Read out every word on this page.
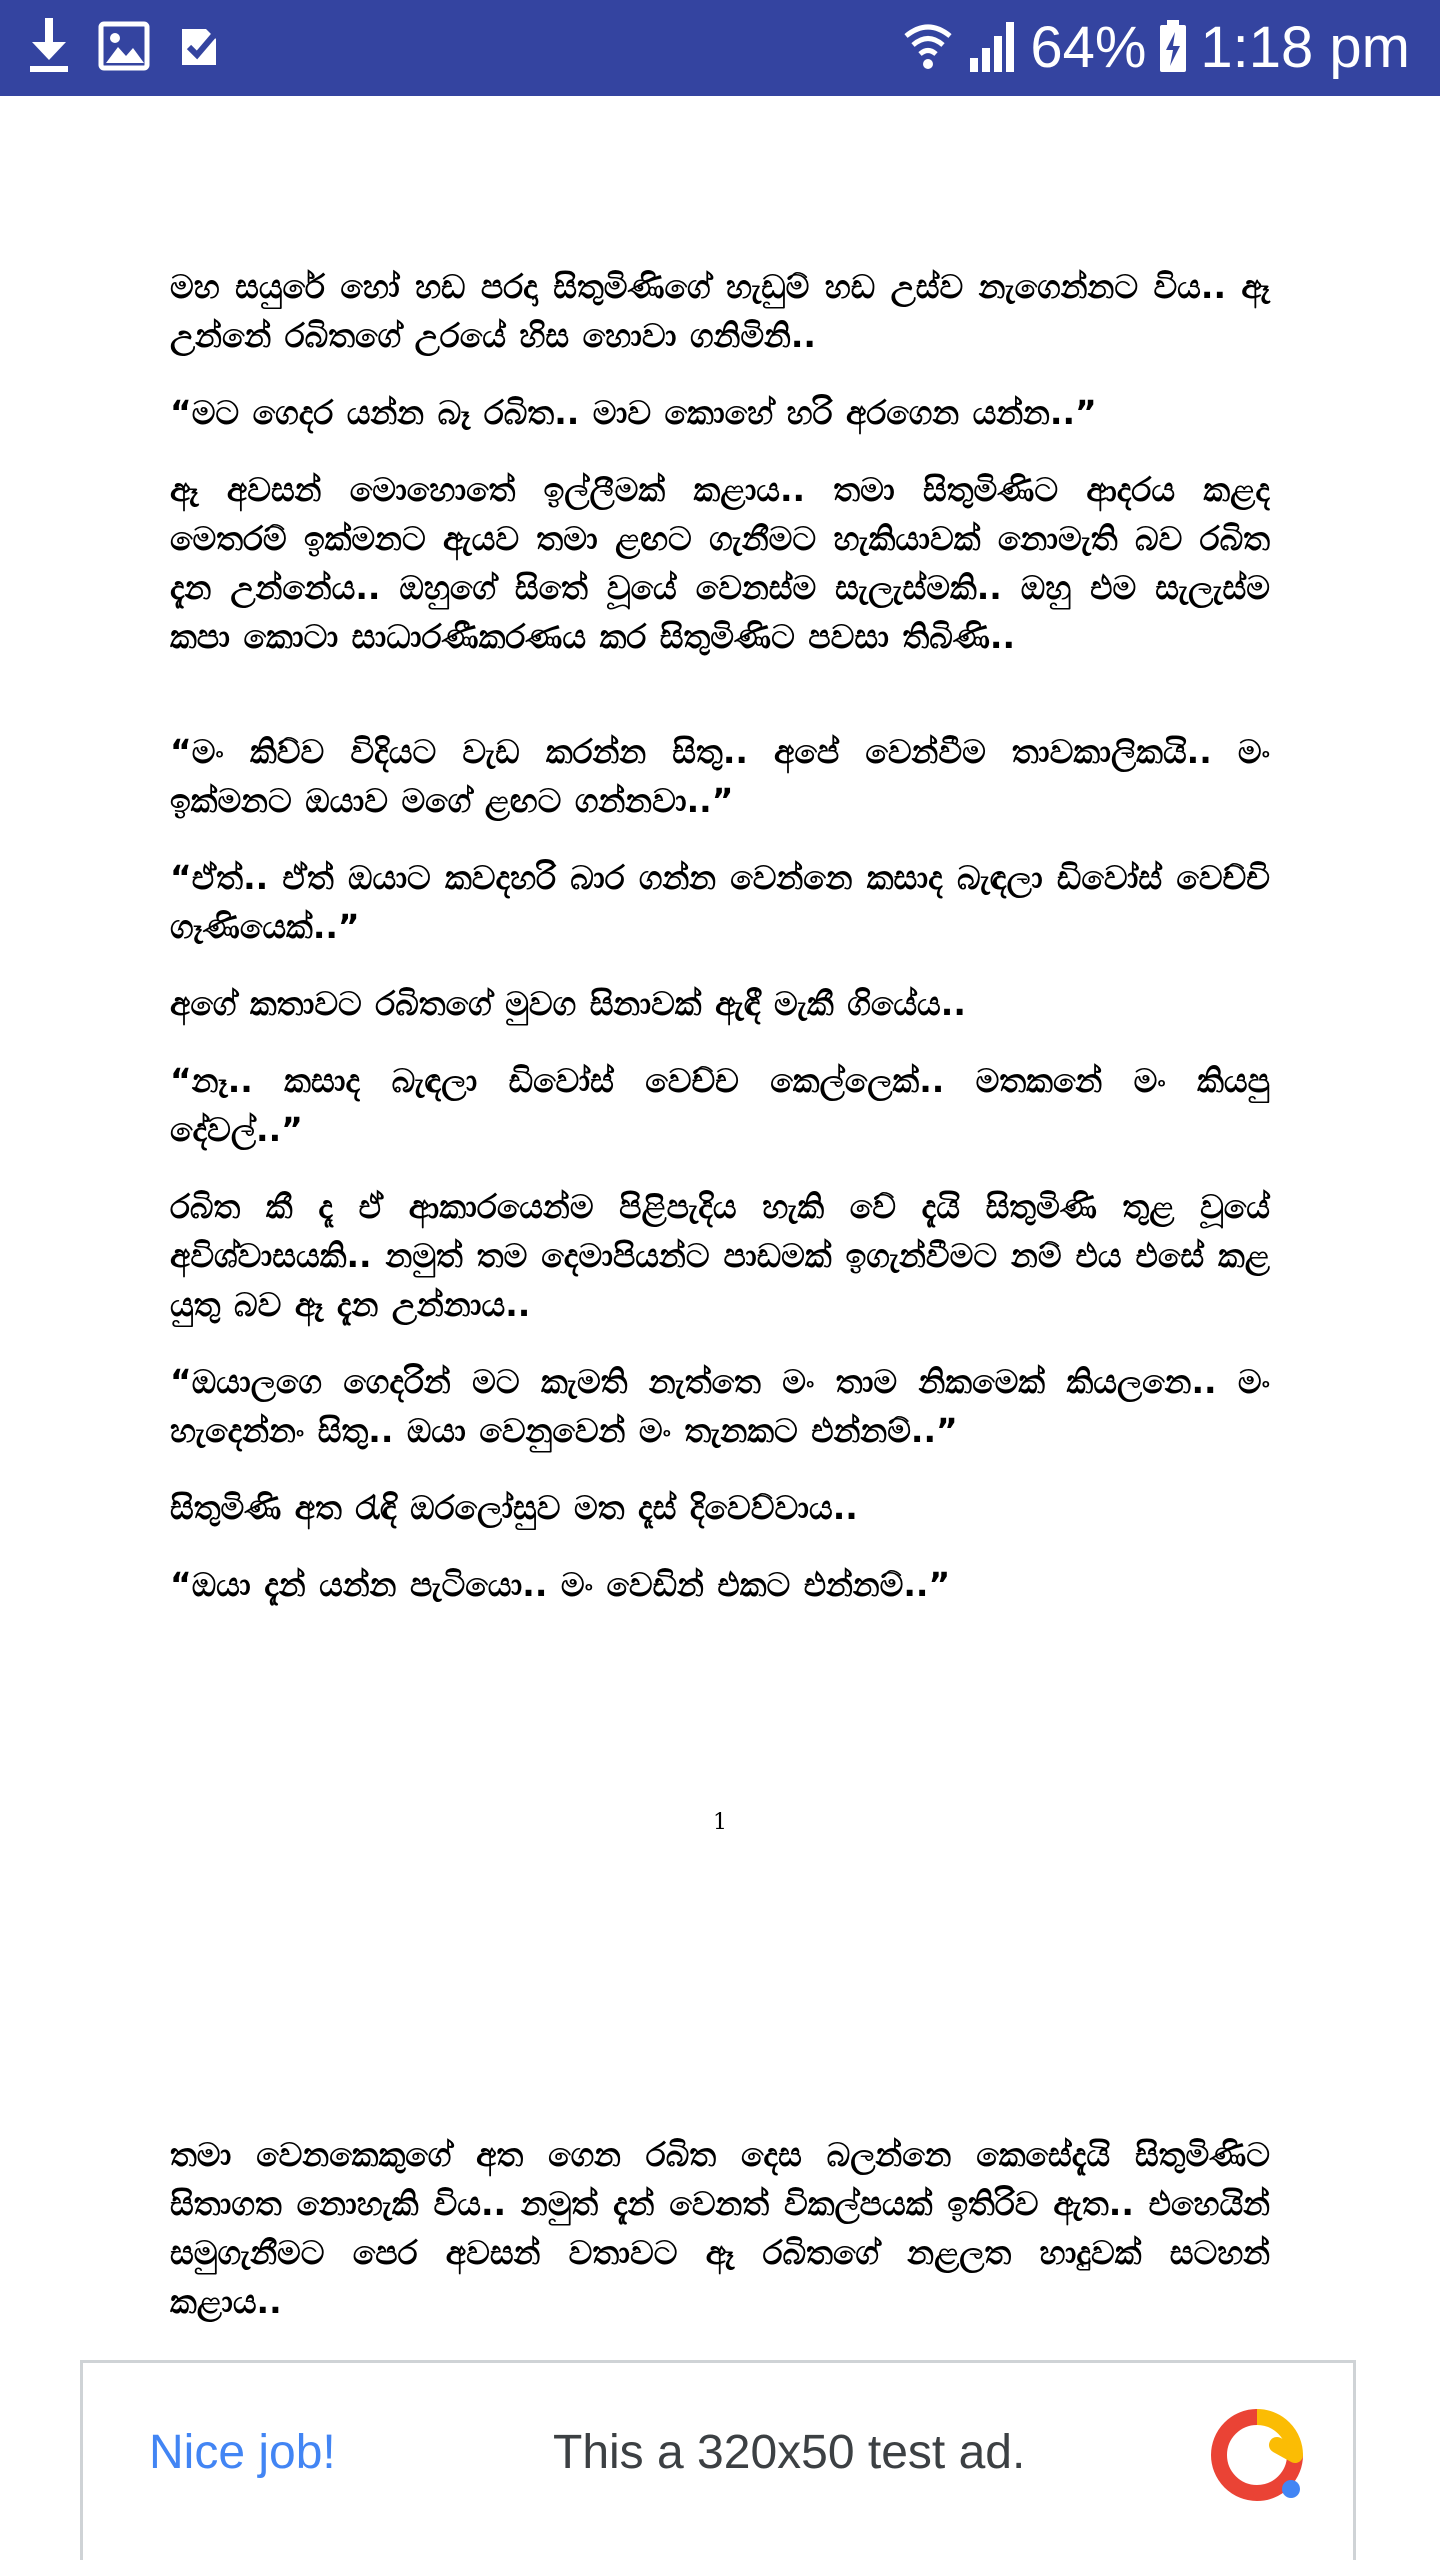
64% 1:18 pm

මහ සයුරේ හෝ හඩ පරදා සිතුමිණිගේ හැඩුම් හඩ උස්ව නැගෙන්නට විය.. ඈ උන්නේ රබිතගේ උරයේ හිස හොවා ගනිමිනි..

“මට ගෙදර යන්න බෑ රබිත.. මාව කොහේ හරි අරගෙන යන්න..”

ඈ අවසන් මොහොතේ ඉල්ලීමක් කළාය.. තමා සිතුමිණිට ආදරය කළද මෙතරම් ඉක්මනට ඇයව තමා ළඟට ගැනීමට හැකියාවක් නොමැති බව රබිත දැන උන්නේය.. ඔහුගේ සිතේ වූයේ වෙනස්ම සැලැස්මකි.. ඔහු එම සැලැස්ම කපා කොටා සාධාරණීකරණය කර සිතුමිණිට පවසා තිබිණි..

“මං කිව්ව විදියට වැඩ කරන්න සිතු.. අපේ වෙන්වීම තාවකාලිකයි.. මං ඉක්මනට ඔයාව මගේ ළඟට ගන්නවා..”

“ඒත්.. ඒත් ඔයාට කවදහරි බාර ගන්න වෙන්නෙ කසාද බැඳලා ඩිවෝස් වෙච්චි ගෑණියෙක්..”

අගේ කතාවට රබිතගේ මුවග සිනාවක් ඇඳී මැකී ගියේය..

“නෑ.. කසාද බැඳලා ඩිවෝස් වෙච්ච කෙල්ලෙක්.. මතකනේ මං කියපු දේවල්..”

රබිත කී දෑ ඒ ආකාරයෙන්ම පිළිපැදිය හැකි වේ දැයි සිතුමිණි තුළ වූයේ අවිශ්වාසයකි.. නමුත් තම දෙමාපියන්ට පාඩමක් ඉගැන්වීමට නම් එය එසේ කළ යුතු බව ඈ දැන උන්නාය..

“ඔයාලගෙ ගෙදරින් මට කැමති නැත්තෙ මං තාම නිකමෙක් කියලනෙ.. මං හැදෙන්නං සිතු.. ඔයා වෙනුවෙන් මං තැනකට එන්නම්..”

සිතුමිණි අත රැඳි ඔරලෝසුව මත දෑස් දිවෙව්වාය..

“ඔයා දැන් යන්න පැටියො.. මං වෙඩින් එකට එන්නම්..”

1

තමා වෙනකෙකුගේ අත ගෙන රබිත දෙස බලන්නෙ කෙසේදැයි සිතුමිණිට සිතාගත නොහැකි විය.. නමුත් දැන් වෙනත් විකල්පයක් ඉතිරිව ඇත.. එහෙයින් සමුගැනීමට පෙර අවසන් වතාවට ඈ රබිතගේ නළලත හාදුවක් සටහන් කළාය..

Nice job!	This a 320x50 test ad.
